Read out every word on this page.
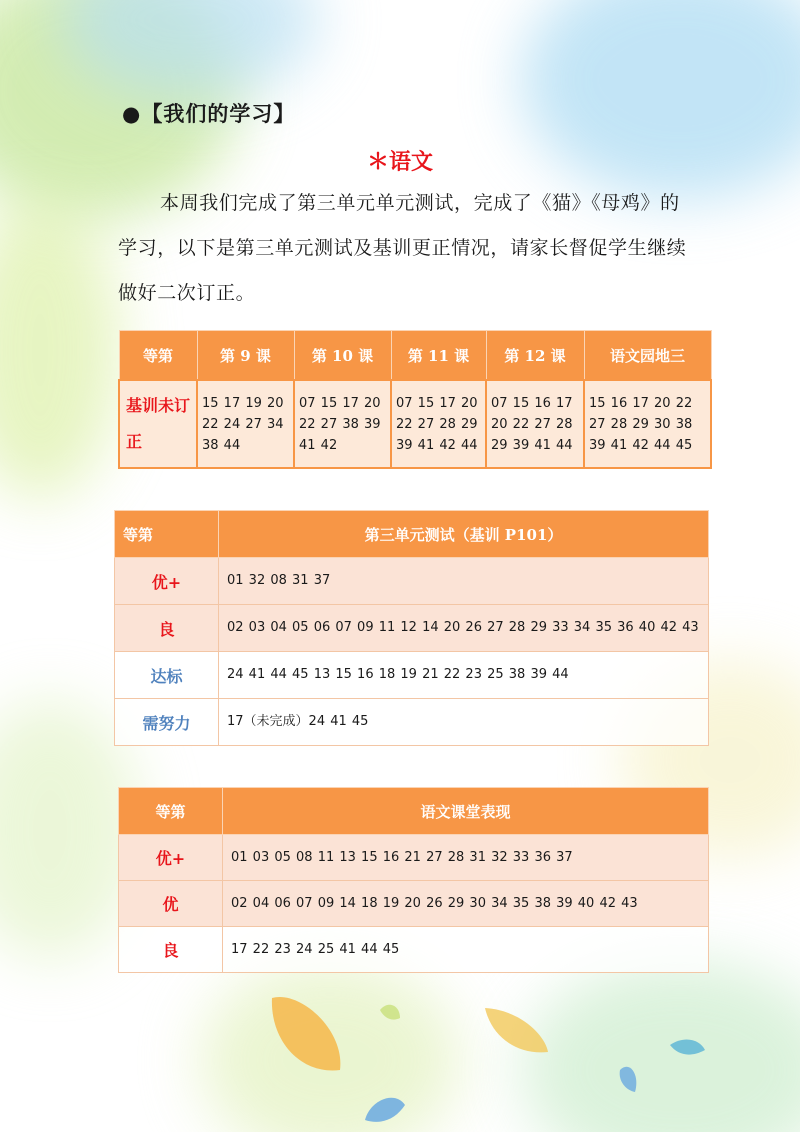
●【我们的学习】
＊语文
本周我们完成了第三单元单元测试，完成了《猫》《母鸡》的学习，以下是第三单元测试及基训更正情况，请家长督促学生继续做好二次订正。
等第	第 9 课	第 10 课	第 11 课	第 12 课	语文园地三
基训未订正	15 17 19 20 22 24 27 34 38 44	07 15 17 20 22 27 38 39 41 42	07 15 17 20 22 27 28 29 39 41 42 44	07 15 16 17 20 22 27 28 29 39 41 44	15 16 17 20 22 27 28 29 30 38 39 41 42 44 45
等第	第三单元测试（基训 P101）
优+	01 32 08 31 37
良	02 03 04 05 06 07 09 11 12 14 20 26 27 28 29 33 34 35 36 40 42 43
达标	24 41 44 45 13 15 16 18 19 21 22 23 25 38 39 44
需努力	17（未完成）24 41 45
等第	语文课堂表现
优+	01 03 05 08 11 13 15 16 21 27 28 31 32 33 36 37
优	02 04 06 07 09 14 18 19 20 26 29 30 34 35 38 39 40 42 43
良	17 22 23 24 25 41 44 45
